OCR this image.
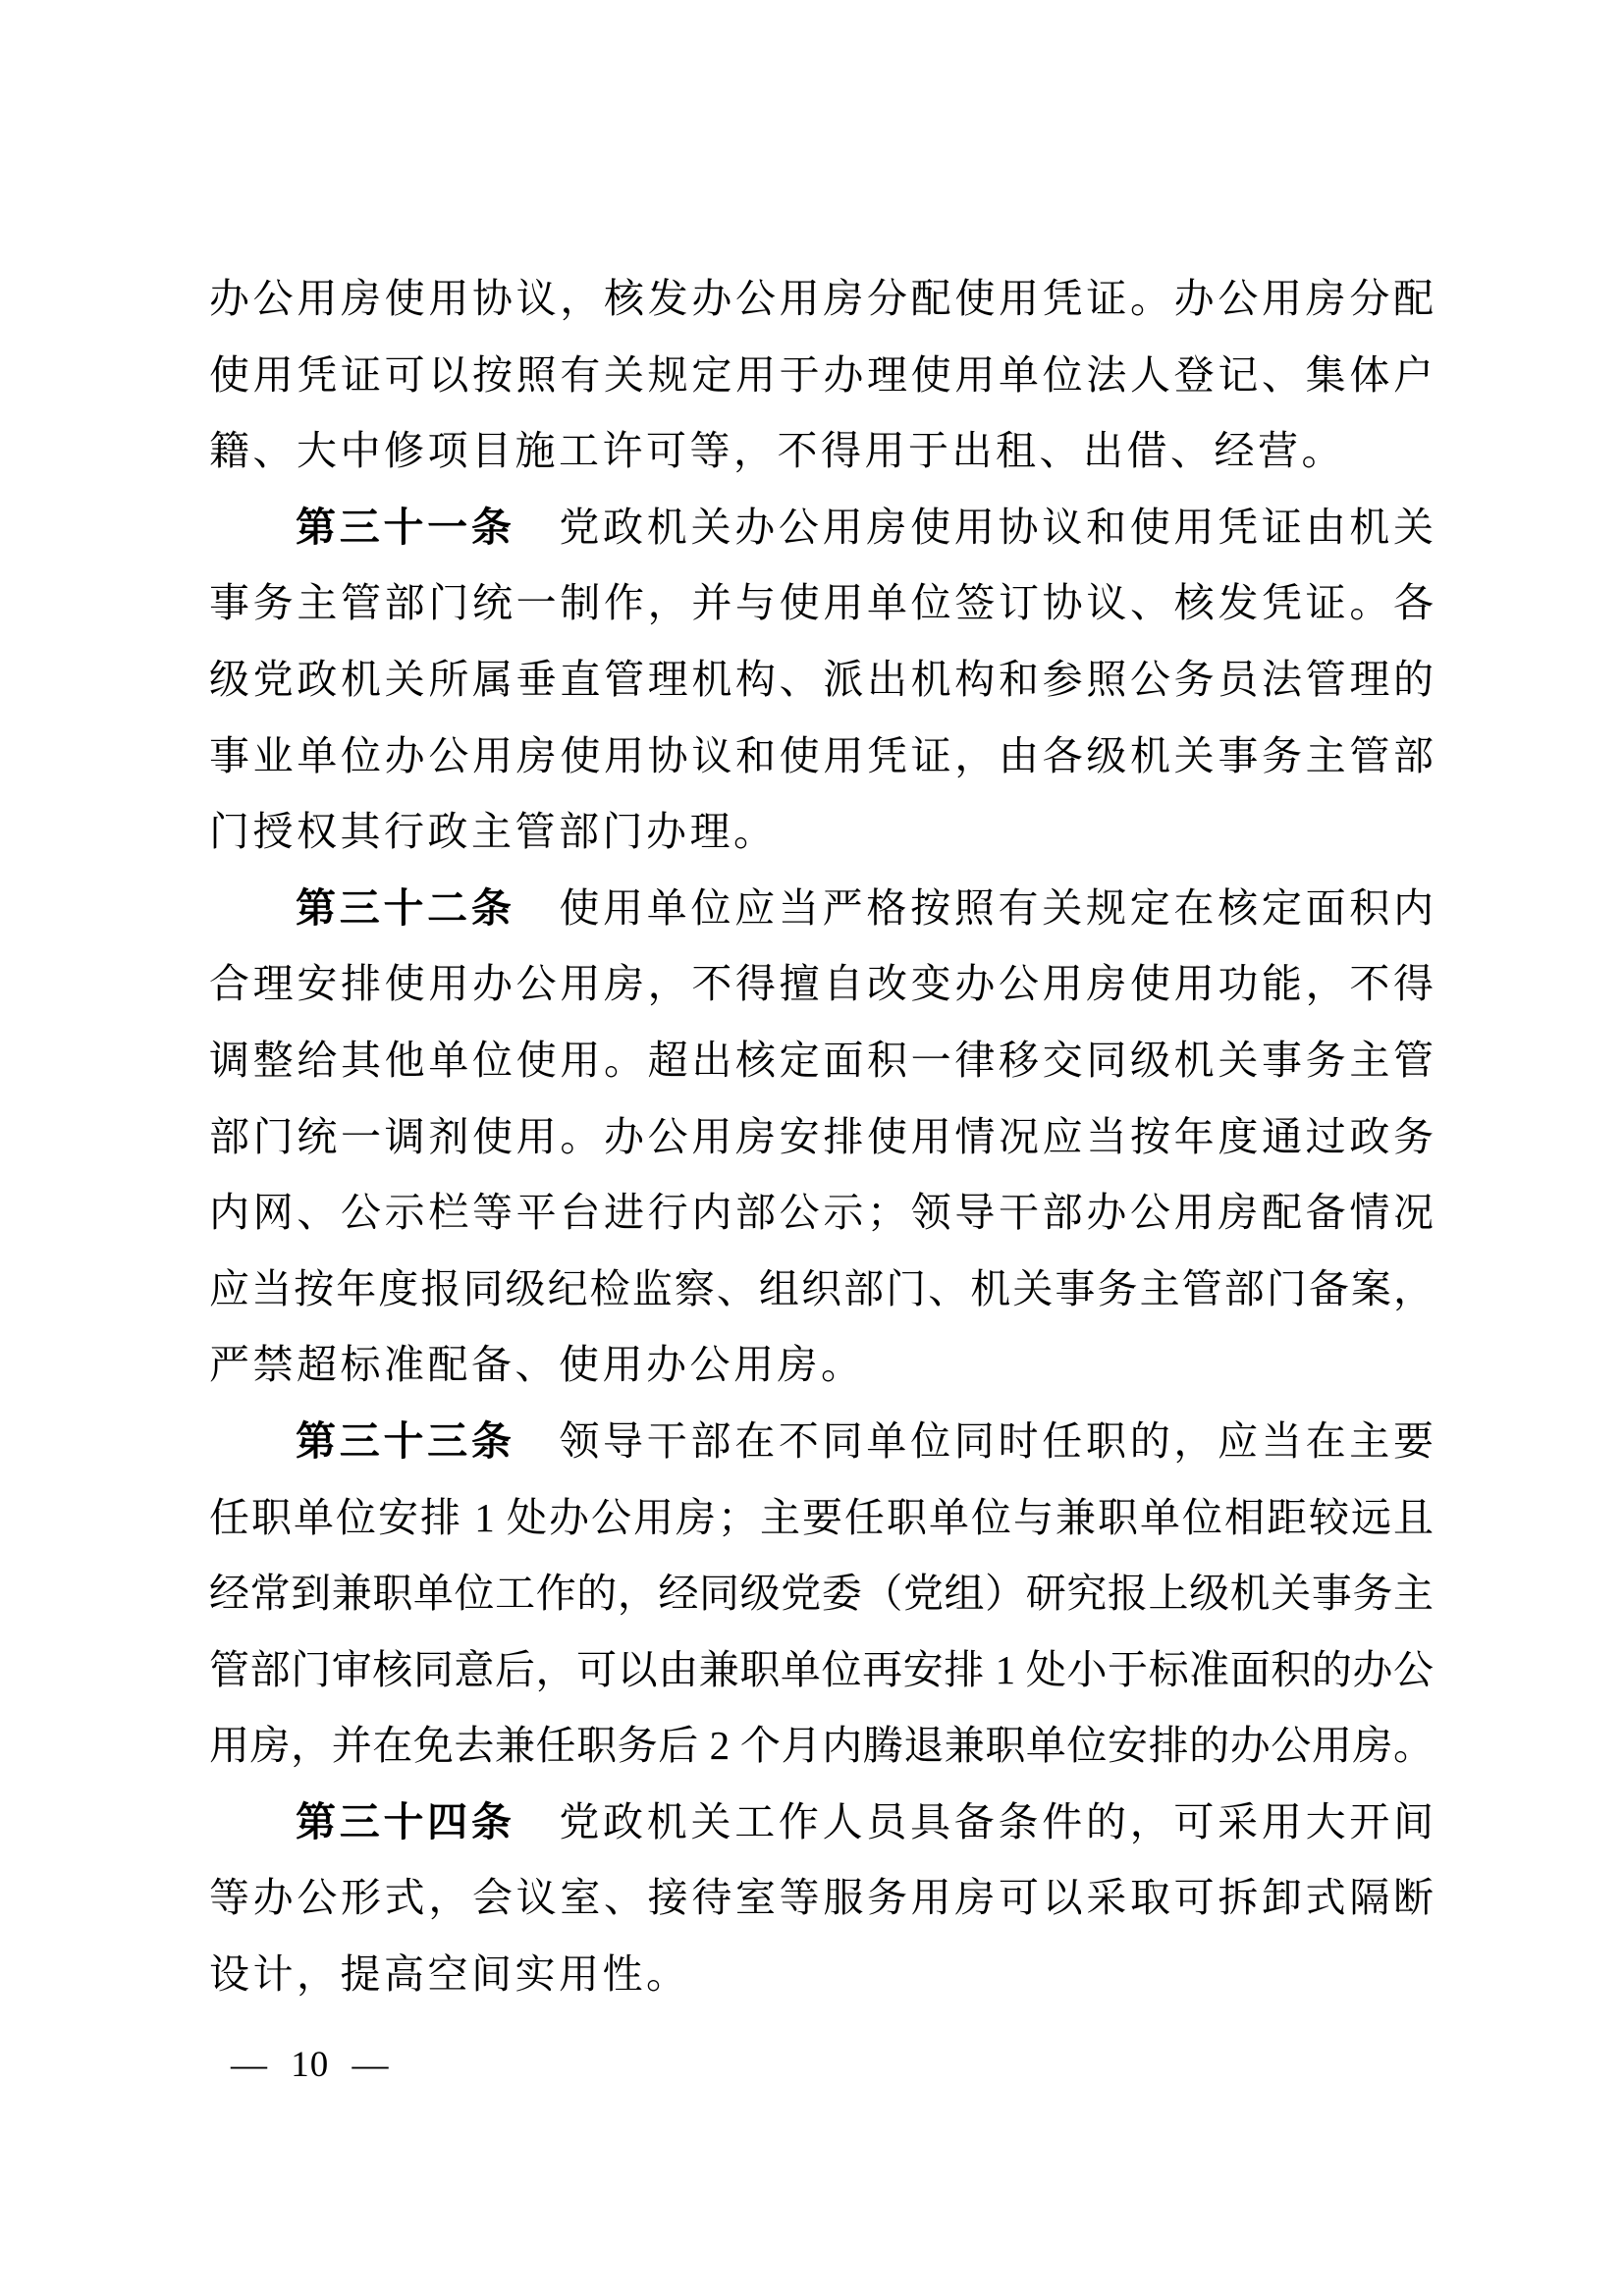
办公用房使用协议，核发办公用房分配使用凭证。办公用房分配
使用凭证可以按照有关规定用于办理使用单位法人登记、集体户
籍、大中修项目施工许可等，不得用于出租、出借、经营。
第三十一条　党政机关办公用房使用协议和使用凭证由机关
事务主管部门统一制作，并与使用单位签订协议、核发凭证。各
级党政机关所属垂直管理机构、派出机构和参照公务员法管理的
事业单位办公用房使用协议和使用凭证，由各级机关事务主管部
门授权其行政主管部门办理。
第三十二条　使用单位应当严格按照有关规定在核定面积内
合理安排使用办公用房，不得擅自改变办公用房使用功能，不得
调整给其他单位使用。超出核定面积一律移交同级机关事务主管
部门统一调剂使用。办公用房安排使用情况应当按年度通过政务
内网、公示栏等平台进行内部公示；领导干部办公用房配备情况
应当按年度报同级纪检监察、组织部门、机关事务主管部门备案，
严禁超标准配备、使用办公用房。
第三十三条　领导干部在不同单位同时任职的，应当在主要
任职单位安排 1 处办公用房；主要任职单位与兼职单位相距较远且
经常到兼职单位工作的，经同级党委（党组）研究报上级机关事务主
管部门审核同意后，可以由兼职单位再安排 1 处小于标准面积的办公
用房，并在免去兼任职务后 2 个月内腾退兼职单位安排的办公用房。
第三十四条　党政机关工作人员具备条件的，可采用大开间
等办公形式，会议室、接待室等服务用房可以采取可拆卸式隔断
设计，提高空间实用性。
— 10 —
